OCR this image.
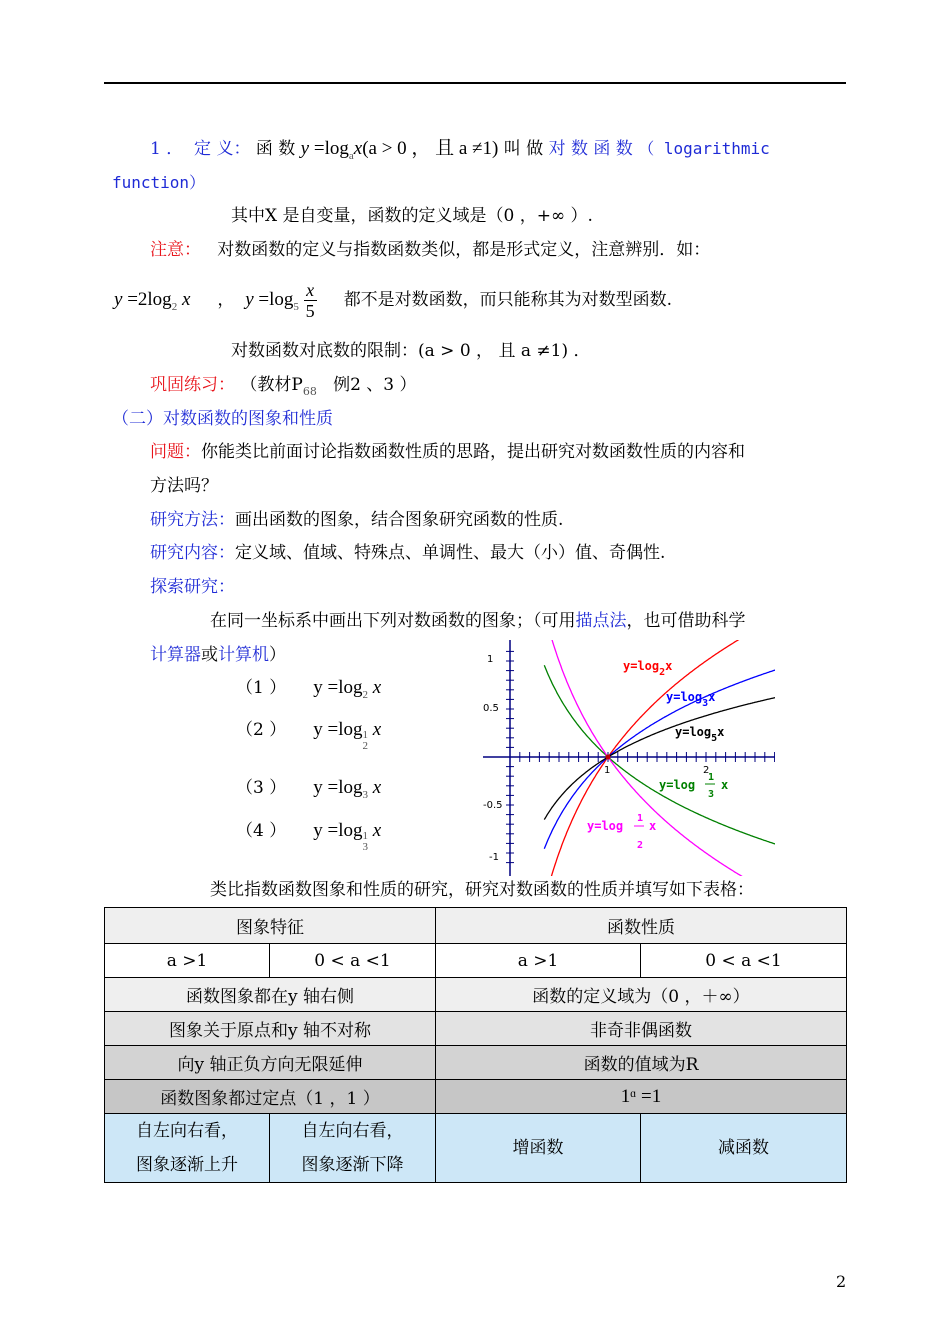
1 ． 定 义： 函 数 $y =\log_ax(a > 0$ ， 且 a ≠1) 叫 做 对 数 函 数 （ logarithmic
function）
其中X 是自变量，函数的定义域是（0 ，+∞ ）.
注意： 对数函数的定义与指数函数类似，都是形式定义，注意辨别．如：
$y =2\log_2$ x ， $y =\log_5 \frac{x}{5}$ 都不是对数函数，而只能称其为对数型函数.
对数函数对底数的限制：(a > 0 ， 且 a ≠1) ．
巩固练习： （教材$P_{68}$ 例2 、3 ）
（二）对数函数的图象和性质
问题：你能类比前面讨论指数函数性质的思路，提出研究对数函数性质的内容和
方法吗？
研究方法：画出函数的图象，结合图象研究函数的性质.
研究内容：定义域、值域、特殊点、单调性、最大（小）值、奇偶性.
探索研究：
在同一坐标系中画出下列对数函数的图象；（可用描点法，也可借助科学
计算器或计算机）
（1 ） $y =\log_2$ x
（2 ） y =log 1
2
x
（3 ） $y =\log_3$ x
（4 ） y =log 1
3
x
1
0.5
-0.5
-1
1	2
$y=\log_2x$
$y=\log_3x$
$y=\log_5x$
y=log
1
3
x
y=log
1
2
x
类比指数函数图象和性质的研究，研究对数函数的性质并填写如下表格：
图象特征		函数性质	
a >1	0 < a <1	a >1	0 < a <1
函数图象都在y 轴右侧		函数的定义域为（0 ，＋∞）	
图象关于原点和y 轴不对称		非奇非偶函数	
向y 轴正负方向无限延伸		函数的值域为R	
函数图象都过定点（1 ，1 ）		1ᵅ =1	
自左向右看，
图象逐渐上升	自左向右看，
图象逐渐下降	增函数	减函数
2
